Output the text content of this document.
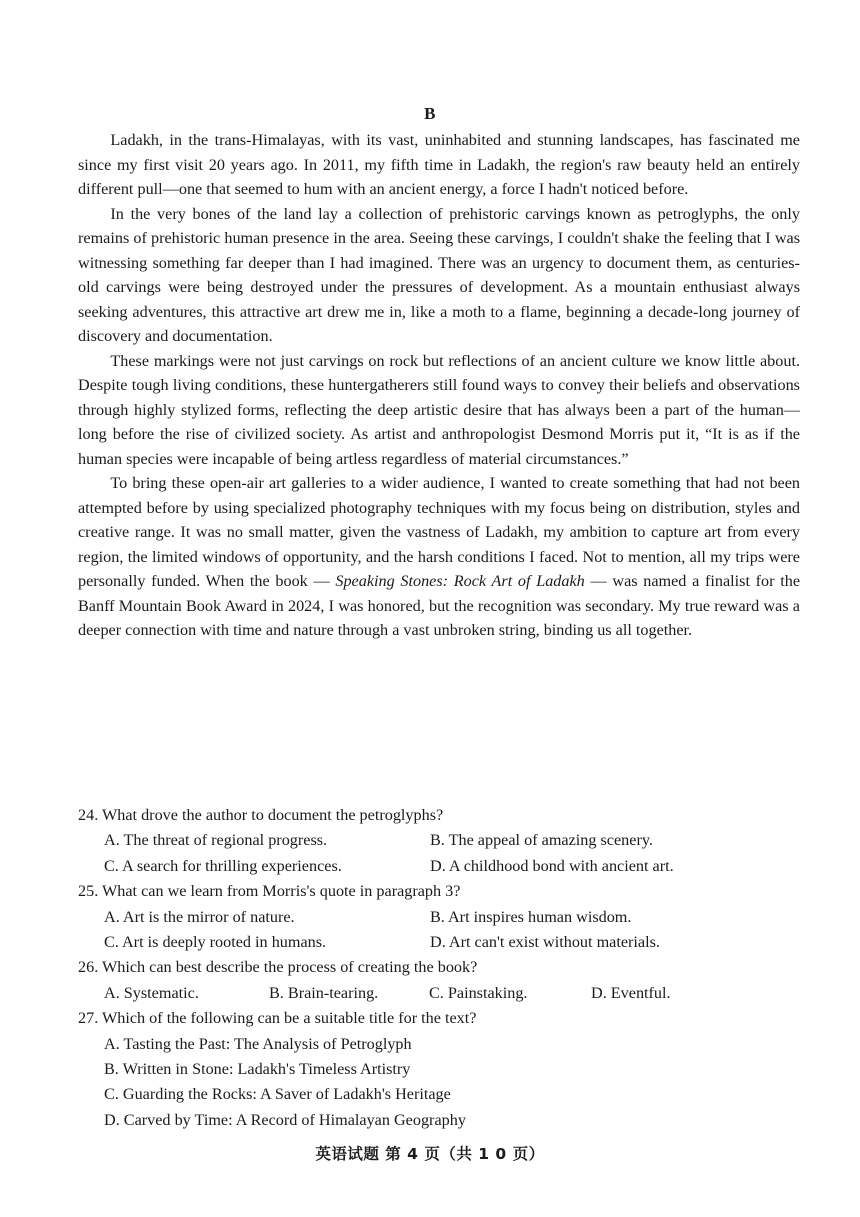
B

Ladakh, in the trans-Himalayas, with its vast, uninhabited and stunning landscapes, has fascinated me since my first visit 20 years ago. In 2011, my fifth time in Ladakh, the region's raw beauty held an entirely different pull—one that seemed to hum with an ancient energy, a force I hadn't noticed before.

In the very bones of the land lay a collection of prehistoric carvings known as petroglyphs, the only remains of prehistoric human presence in the area. Seeing these carvings, I couldn't shake the feeling that I was witnessing something far deeper than I had imagined. There was an urgency to document them, as centuries-old carvings were being destroyed under the pressures of development. As a mountain enthusiast always seeking adventures, this attractive art drew me in, like a moth to a flame, beginning a decade-long journey of discovery and documentation.

These markings were not just carvings on rock but reflections of an ancient culture we know little about. Despite tough living conditions, these huntergatherers still found ways to convey their beliefs and observations through highly stylized forms, reflecting the deep artistic desire that has always been a part of the human—long before the rise of civilized society. As artist and anthropologist Desmond Morris put it, “It is as if the human species were incapable of being artless regardless of material circumstances.”

To bring these open-air art galleries to a wider audience, I wanted to create something that had not been attempted before by using specialized photography techniques with my focus being on distribution, styles and creative range. It was no small matter, given the vastness of Ladakh, my ambition to capture art from every region, the limited windows of opportunity, and the harsh conditions I faced. Not to mention, all my trips were personally funded. When the book — Speaking Stones: Rock Art of Ladakh — was named a finalist for the Banff Mountain Book Award in 2024, I was honored, but the recognition was secondary. My true reward was a deeper connection with time and nature through a vast unbroken string, binding us all together.

24. What drove the author to document the petroglyphs?
A. The threat of regional progress.	B. The appeal of amazing scenery.
C. A search for thrilling experiences.	D. A childhood bond with ancient art.
25. What can we learn from Morris's quote in paragraph 3?
A. Art is the mirror of nature.	B. Art inspires human wisdom.
C. Art is deeply rooted in humans.	D. Art can't exist without materials.
26. Which can best describe the process of creating the book?
A. Systematic.	B. Brain-tearing.	C. Painstaking.	D. Eventful.
27. Which of the following can be a suitable title for the text?
A. Tasting the Past: The Analysis of Petroglyph
B. Written in Stone: Ladakh's Timeless Artistry
C. Guarding the Rocks: A Saver of Ladakh's Heritage
D. Carved by Time: A Record of Himalayan Geography
英语试题 第 4 页（共 1 0 页）
